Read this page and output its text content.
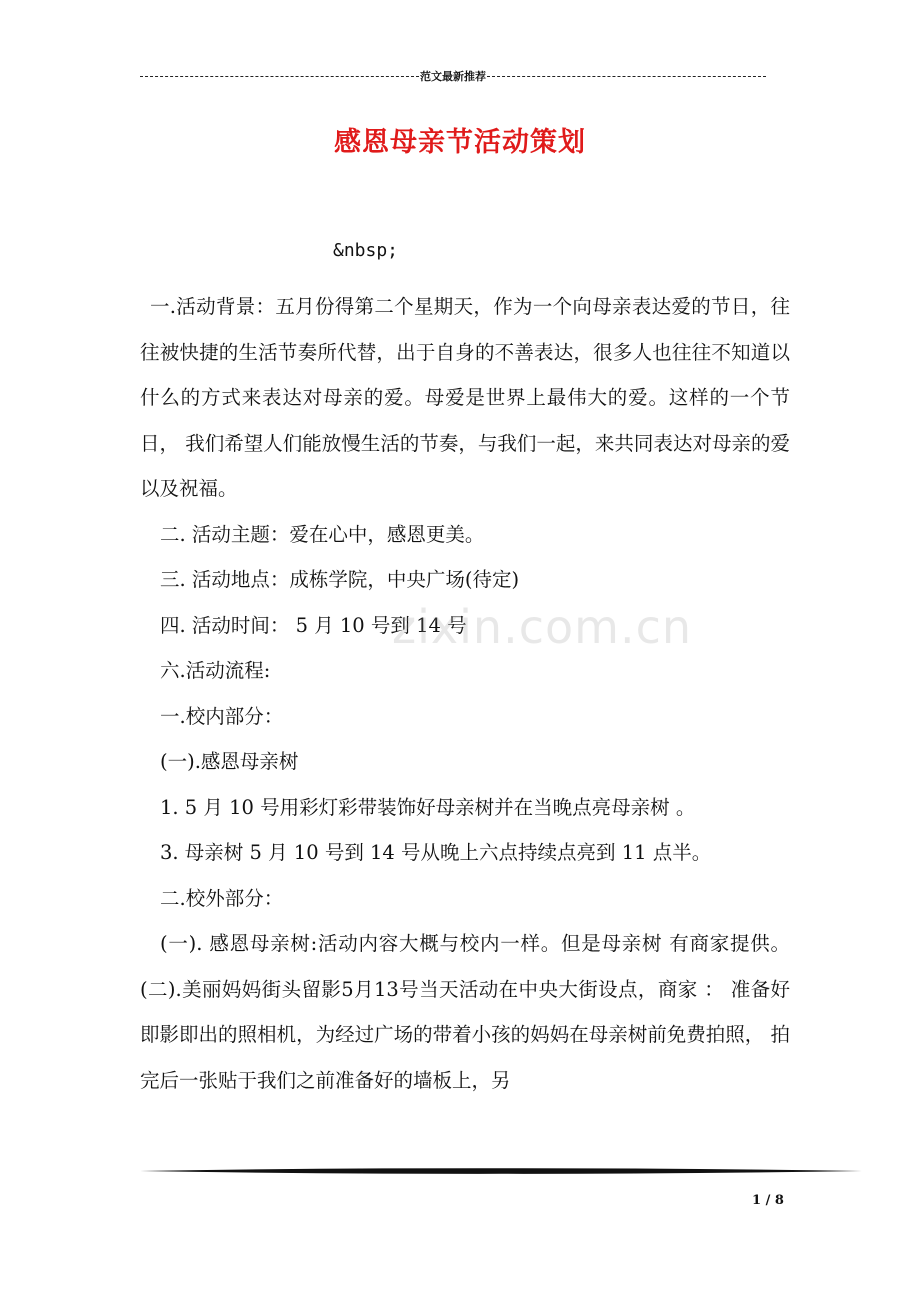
范文最新推荐
感恩母亲节活动策划
&nbsp;

一.活动背景：五月份得第二个星期天，作为一个向母亲表达爱的节日，往往被快捷的生活节奏所代替，出于自身的不善表达，很多人也往往不知道以 什么的方式来表达对母亲的爱。母爱是世界上最伟大的爱。这样的一个节日， 我们希望人们能放慢生活的节奏，与我们一起，来共同表达对母亲的爱以及祝福。

二. 活动主题：爱在心中，感恩更美。

三. 活动地点：成栋学院，中央广场(待定)

四. 活动时间： 5 月 10 号到 14 号

六.活动流程:

一.校内部分：

(一).感恩母亲树

1. 5 月 10 号用彩灯彩带装饰好母亲树并在当晚点亮母亲树 。

3. 母亲树 5 月 10 号到 14 号从晚上六点持续点亮到 11 点半。

二.校外部分：

(一). 感恩母亲树:活动内容大概与校内一样。但是母亲树 有商家提供。(二).美丽妈妈街头留影5月13号当天活动在中央大街设点，商家 ： 准备好即影即出的照相机，为经过广场的带着小孩的妈妈在母亲树前免费拍照， 拍完后一张贴于我们之前准备好的墙板上，另

zixin.com.cn
1 / 8
